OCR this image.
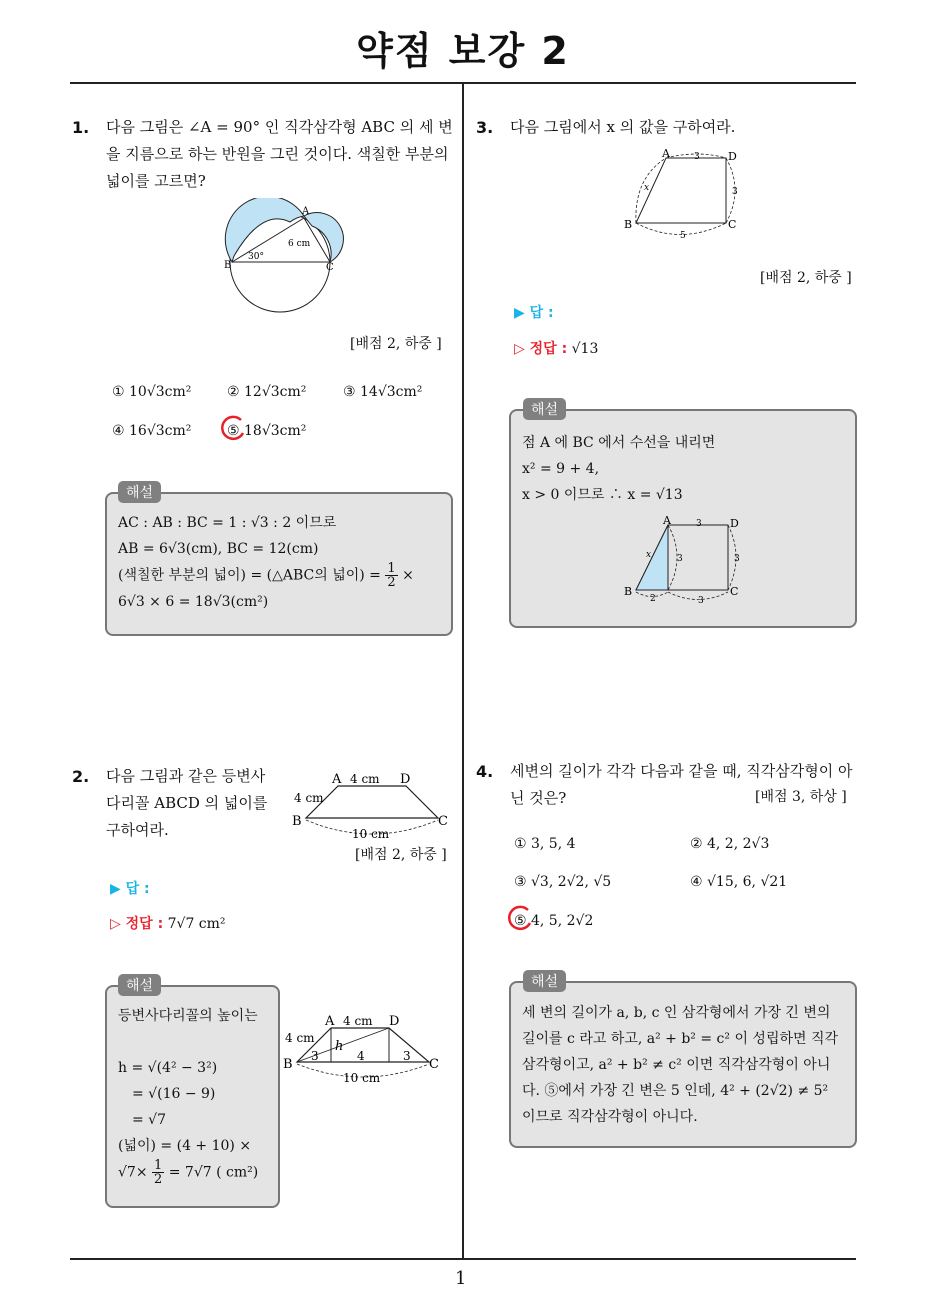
약점 보강 2
1
1. 다음 그림은 ∠A = 90° 인 직각삼각형 ABC 의 세 변
을 지름으로 하는 반원을 그린 것이다. 색칠한 부분의
넓이를 고르면?
A
B	C
30°
6 cm
[배점 2, 하중 ]
① 10√3cm²	② 12√3cm²	③ 14√3cm²
④ 16√3cm²	⑤ 18√3cm²
해설
AC : AB : BC = 1 : √3 : 2 이므로
AB = 6√3(cm), BC = 12(cm)
(색칠한 부분의 넓이) = (△ABC의 넓이) = $\frac{1}{2}$ ×
6√3 × 6 = 18√3(cm²)
2. 다음 그림과 같은 등변사
다리꼴 ABCD 의 넓이를
구하여라.
A	D
B	C
4 cm
4 cm
10 cm
[배점 2, 하중 ]
▶ 답 :
▷ 정답 : 7√7 cm²
해설
등변사다리꼴의 높이는

h = √(4² − 3²)
= √(16 − 9)
= √7
(넓이) = (4 + 10) ×
$√7\times \frac{1}{2} = 7√7$ ( cm²)
A	D
B	C
4 cm
4 cm
h
3	4	3
10 cm
3. 다음 그림에서 x 의 값을 구하여라.
A	D
B	C
3
3
x
5
[배점 2, 하중 ]
▶ 답 :
▷ 정답 : √13
해설
점 A 에 BC 에서 수선을 내리면
x² = 9 + 4,
x > 0 이므로 ∴ x = √13
A	D
B	C
3
3	3
x
2	3
4. 세변의 길이가 각각 다음과 같을 때, 직각삼각형이 아
닌 것은?	[배점 3, 하상 ]
① 3, 5, 4	② 4, 2, 2√3
③ √3, 2√2, √5	④ √15, 6, √21
⑤ 4, 5, 2√2
해설
세 변의 길이가 a, b, c 인 삼각형에서 가장 긴 변의
길이를 c 라고 하고, a² + b² = c² 이 성립하면 직각
삼각형이고, a² + b² ≠ c² 이면 직각삼각형이 아니
다. ⑤에서 가장 긴 변은 5 인데, 4² + (2√2) ≠ 5²
이므로 직각삼각형이 아니다.
